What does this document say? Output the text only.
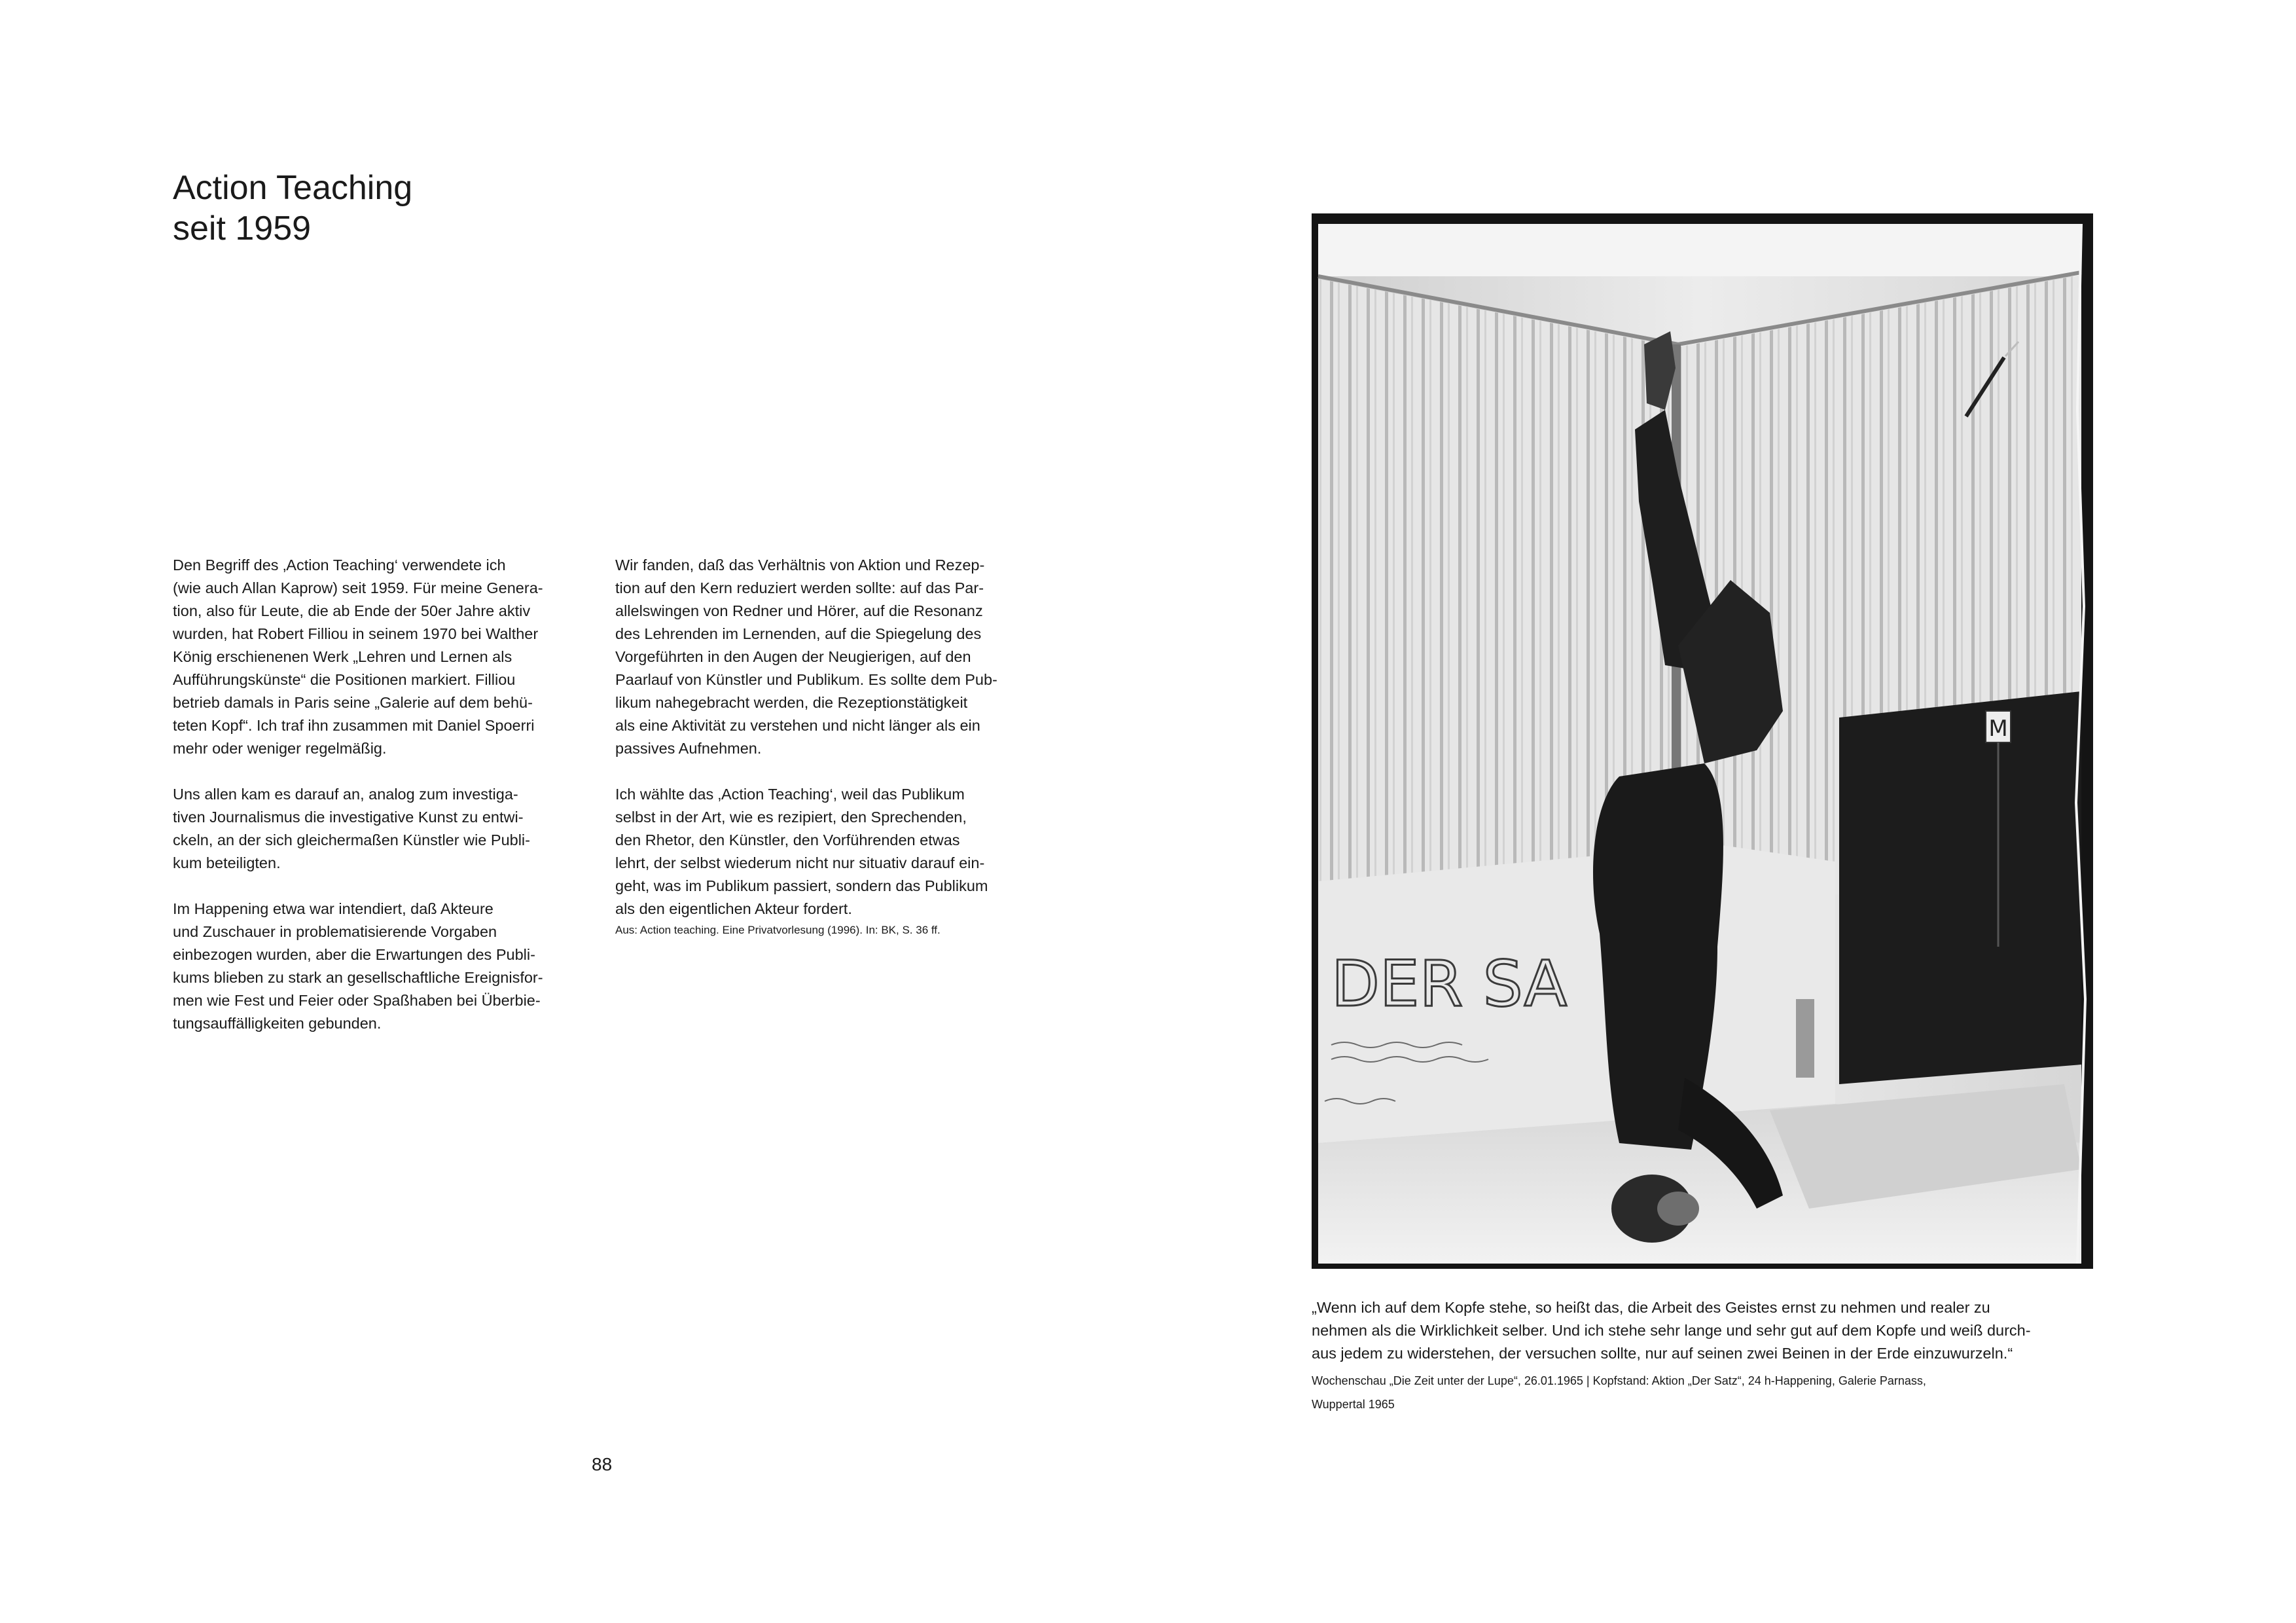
Action Teaching
seit 1959

Den Begriff des ‚Action Teaching‘ verwendete ich
(wie auch Allan Kaprow) seit 1959. Für meine Genera-
tion, also für Leute, die ab Ende der 50er Jahre aktiv
wurden, hat Robert Filliou in seinem 1970 bei Walther
König erschienenen Werk „Lehren und Lernen als
Aufführungskünste“ die Positionen markiert. Filliou
betrieb damals in Paris seine „Galerie auf dem behü-
teten Kopf“. Ich traf ihn zusammen mit Daniel Spoerri
mehr oder weniger regelmäßig.

Uns allen kam es darauf an, analog zum investiga-
tiven Journalismus die investigative Kunst zu entwi-
ckeln, an der sich gleichermaßen Künstler wie Publi-
kum beteiligten.

Im Happening etwa war intendiert, daß Akteure
und Zuschauer in problematisierende Vorgaben
einbezogen wurden, aber die Erwartungen des Publi-
kums blieben zu stark an gesellschaftliche Ereignisfor-
men wie Fest und Feier oder Spaßhaben bei Überbie-
tungsauffälligkeiten gebunden.

Wir fanden, daß das Verhältnis von Aktion und Rezep-
tion auf den Kern reduziert werden sollte: auf das Par-
allelswingen von Redner und Hörer, auf die Resonanz
des Lehrenden im Lernenden, auf die Spiegelung des
Vorgeführten in den Augen der Neugierigen, auf den
Paarlauf von Künstler und Publikum. Es sollte dem Pub-
likum nahegebracht werden, die Rezeptionstätigkeit
als eine Aktivität zu verstehen und nicht länger als ein
passives Aufnehmen.

Ich wählte das ‚Action Teaching‘, weil das Publikum
selbst in der Art, wie es rezipiert, den Sprechenden,
den Rhetor, den Künstler, den Vorführenden etwas
lehrt, der selbst wiederum nicht nur situativ darauf ein-
geht, was im Publikum passiert, sondern das Publikum
als den eigentlichen Akteur fordert.

Aus: Action teaching. Eine Privatvorlesung (1996). In: BK, S. 36 ff.

M
DER SA

„Wenn ich auf dem Kopfe stehe, so heißt das, die Arbeit des Geistes ernst zu nehmen und realer zu
nehmen als die Wirklichkeit selber. Und ich stehe sehr lange und sehr gut auf dem Kopfe und weiß durch-
aus jedem zu widerstehen, der versuchen sollte, nur auf seinen zwei Beinen in der Erde einzuwurzeln.“

Wochenschau „Die Zeit unter der Lupe“, 26.01.1965 | Kopfstand: Aktion „Der Satz“, 24 h-Happening, Galerie Parnass,
Wuppertal 1965

88
